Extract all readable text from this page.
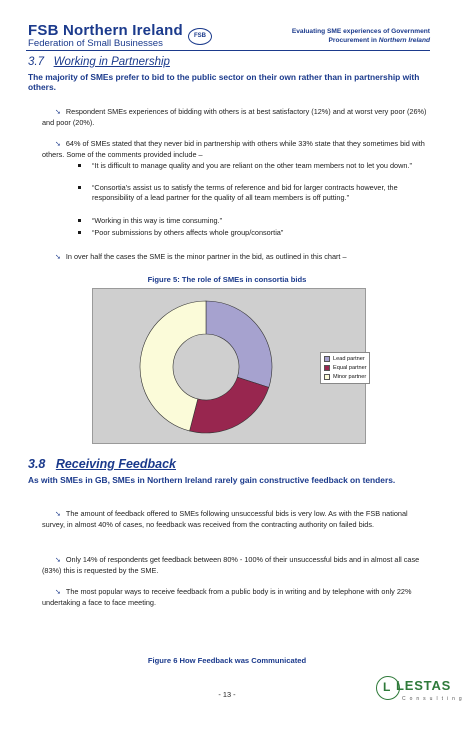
FSB Northern Ireland
Federation of Small Businesses
FSB
Evaluating SME experiences of Government
Procurement in Northern Ireland
3.7 Working in Partnership
The majority of SMEs prefer to bid to the public sector on their own rather than in partnership with others.
➘ Respondent SMEs experiences of bidding with others is at best satisfactory (12%) and at worst very poor (26%) and poor (20%).
➘ 64% of SMEs stated that they never bid in partnership with others while 33% state that they sometimes bid with others. Some of the comments provided include –
“It is difficult to manage quality and you are reliant on the other team members not to let you down.”
“Consortia’s assist us to satisfy the terms of reference and bid for larger contracts however, the responsibility of a lead partner for the quality of all team members is off putting.”
“Working in this way is time consuming.”
“Poor submissions by others affects whole group/consortia”
➘ In over half the cases the SME is the minor partner in the bid, as outlined in this chart –
Figure 5: The role of SMEs in consortia bids
Lead partner
Equal partner
Minor partner
3.8 Receiving Feedback
As with SMEs in GB, SMEs in Northern Ireland rarely gain constructive feedback on tenders.
➘ The amount of feedback offered to SMEs following unsuccessful bids is very low. As with the FSB national survey, in almost 40% of cases, no feedback was received from the contracting authority on failed bids.
➘ Only 14% of respondents get feedback between 80% - 100% of their unsuccessful bids and in almost all case (83%) this is requested by the SME.
➘ The most popular ways to receive feedback from a public body is in writing and by telephone with only 22% undertaking a face to face meeting.
Figure 6 How Feedback was Communicated
- 13 -
L LESTAS
Consulting
